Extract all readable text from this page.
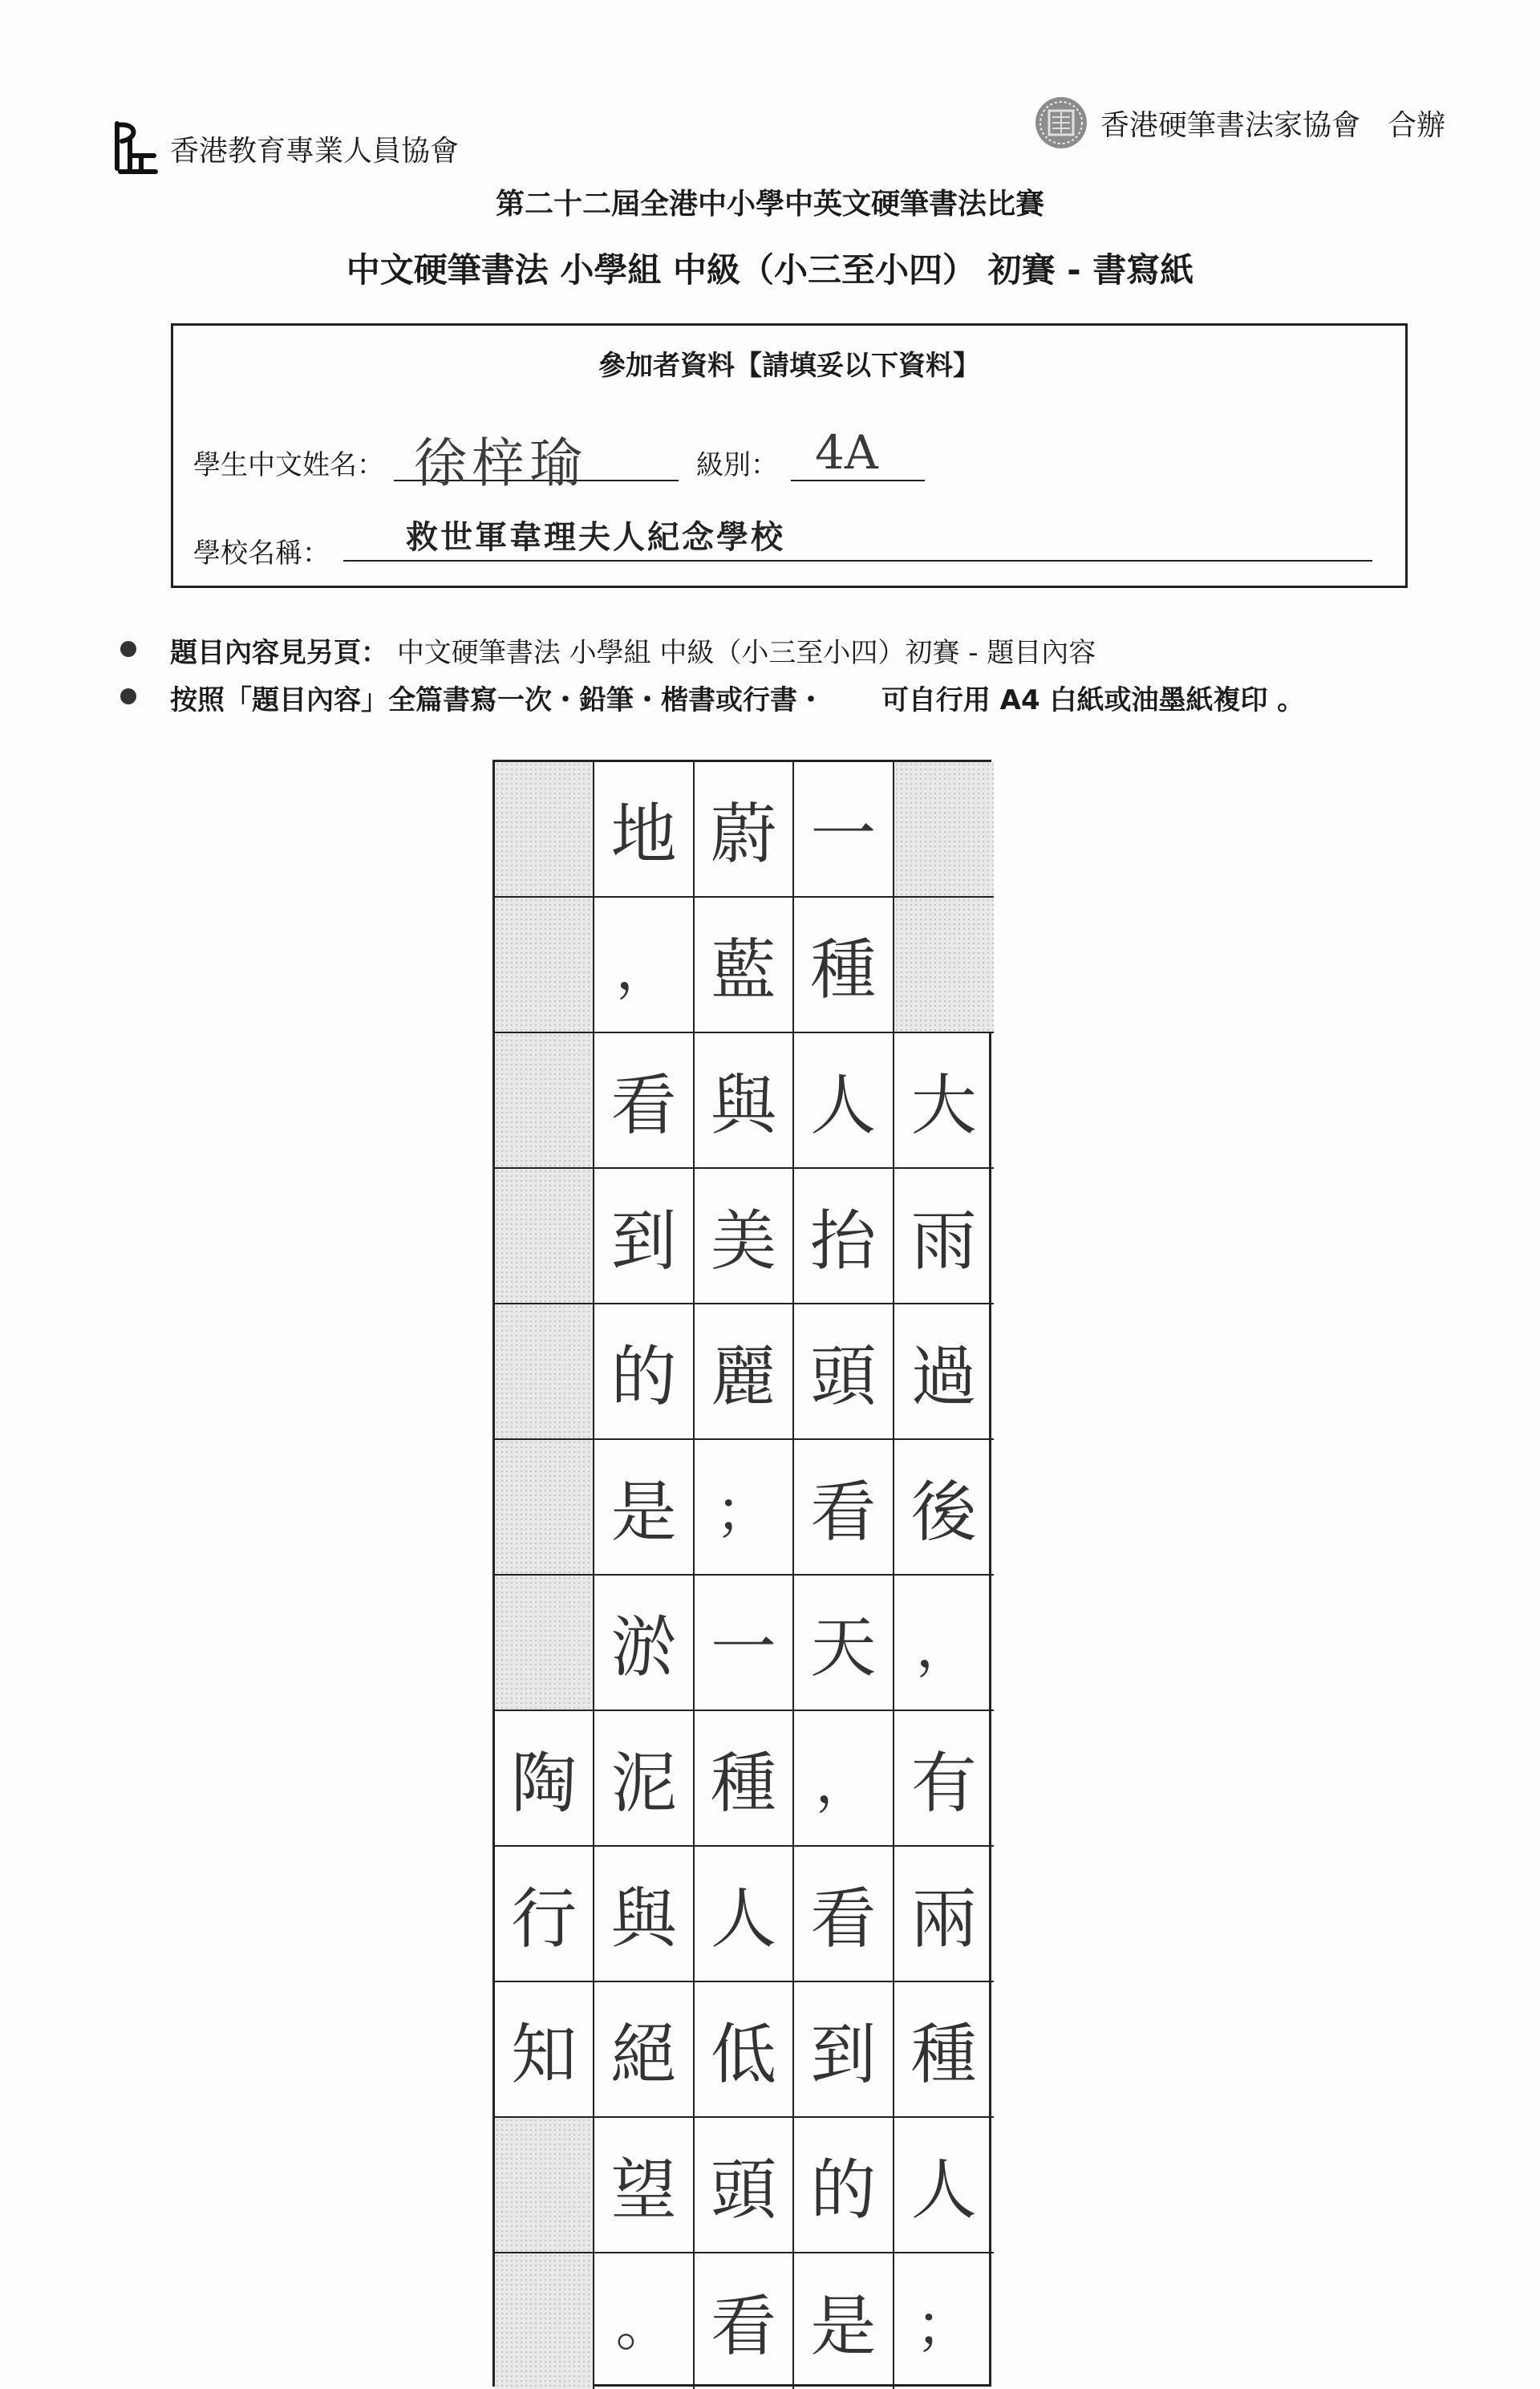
香港教育專業人員協會
香港硬筆書法家協會 合辦
第二十二屆全港中小學中英文硬筆書法比賽
中文硬筆書法 小學組 中級（小三至小四） 初賽 - 書寫紙
參加者資料【請填妥以下資料】
學生中文姓名： 徐梓瑜	級別： 4A
學校名稱： 救世軍韋理夫人紀念學校
題目內容見另頁： 中文硬筆書法 小學組 中級（小三至小四）初賽 - 題目內容
按照「題目內容」全篇書寫一次・鉛筆・楷書或行書・ 可自行用 A4 白紙或油墨紙複印 。
地 蔚 一
， 藍 種
看 與 人 大
到 美 抬 雨
的 麗 頭 過
是 ； 看 後
淤 一 天 ，
陶 泥 種 ， 有
行 與 人 看 兩
知 絕 低 到 種
望 頭 的 人
。 看 是 ；
